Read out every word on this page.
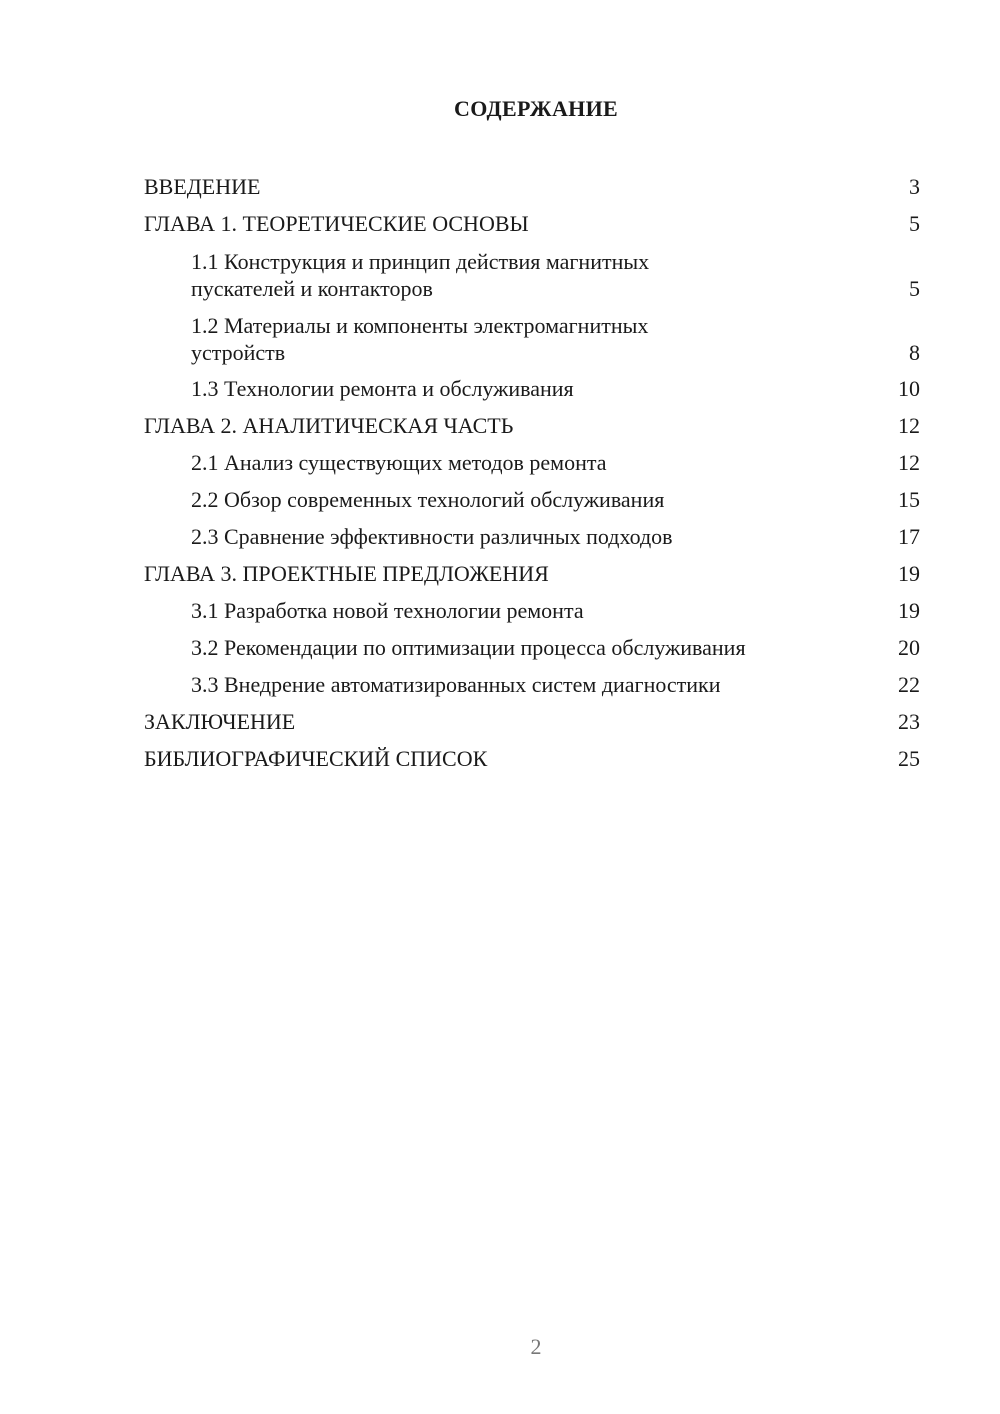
СОДЕРЖАНИЕ
ВВЕДЕНИЕ	3
ГЛАВА 1. ТЕОРЕТИЧЕСКИЕ ОСНОВЫ	5
1.1 Конструкция и принцип действия магнитных пускателей и контакторов	5
1.2 Материалы и компоненты электромагнитных устройств	8
1.3 Технологии ремонта и обслуживания	10
ГЛАВА 2. АНАЛИТИЧЕСКАЯ ЧАСТЬ	12
2.1 Анализ существующих методов ремонта	12
2.2 Обзор современных технологий обслуживания	15
2.3 Сравнение эффективности различных подходов	17
ГЛАВА 3. ПРОЕКТНЫЕ ПРЕДЛОЖЕНИЯ	19
3.1 Разработка новой технологии ремонта	19
3.2 Рекомендации по оптимизации процесса обслуживания	20
3.3 Внедрение автоматизированных систем диагностики	22
ЗАКЛЮЧЕНИЕ	23
БИБЛИОГРАФИЧЕСКИЙ СПИСОК	25
2
